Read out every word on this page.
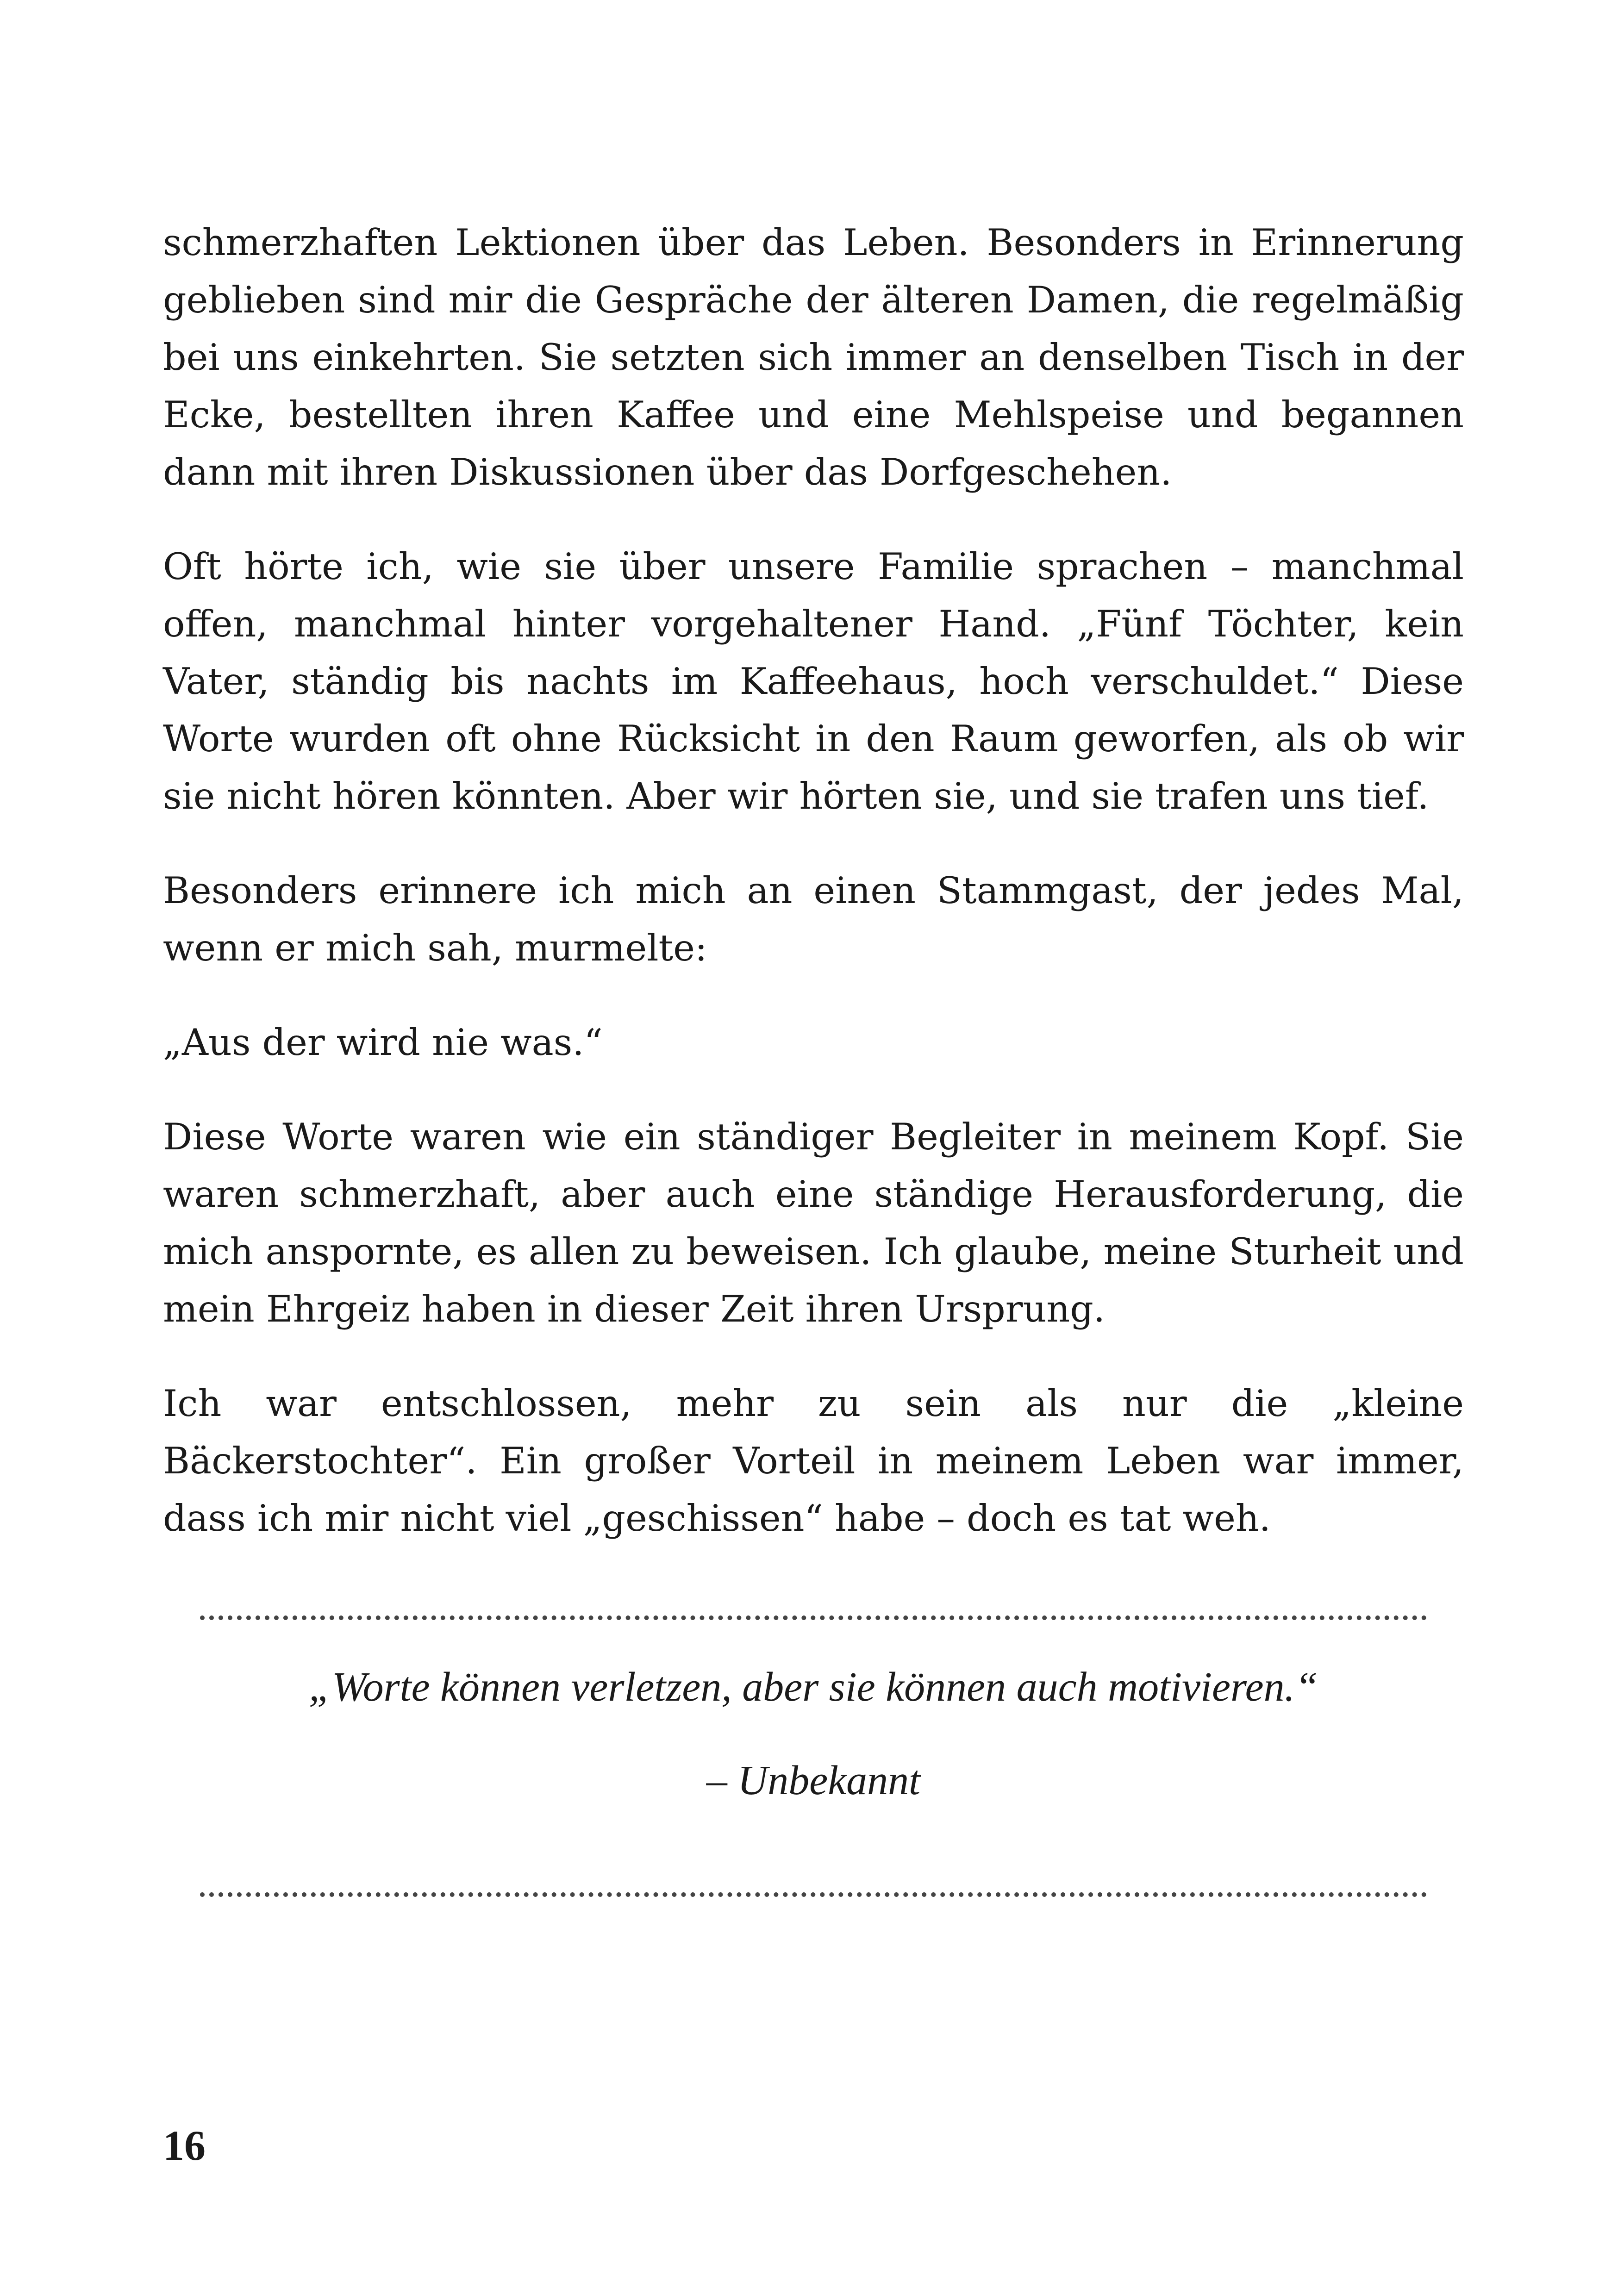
schmerzhaften Lektionen über das Leben. Besonders in Erinnerung geblieben sind mir die Gespräche der älteren Damen, die regelmäßig bei uns einkehrten. Sie setzten sich immer an denselben Tisch in der Ecke, bestellten ihren Kaffee und eine Mehlspeise und begannen dann mit ihren Diskussionen über das Dorfgeschehen.

Oft hörte ich, wie sie über unsere Familie sprachen – manchmal offen, manchmal hinter vorgehaltener Hand. „Fünf Töchter, kein Vater, ständig bis nachts im Kaffeehaus, hoch verschuldet.“ Diese Worte wurden oft ohne Rücksicht in den Raum geworfen, als ob wir sie nicht hören könnten. Aber wir hörten sie, und sie trafen uns tief.

Besonders erinnere ich mich an einen Stammgast, der jedes Mal, wenn er mich sah, murmelte:

„Aus der wird nie was.“

Diese Worte waren wie ein ständiger Begleiter in meinem Kopf. Sie waren schmerzhaft, aber auch eine ständige Herausforderung, die mich anspornte, es allen zu beweisen. Ich glaube, meine Sturheit und mein Ehrgeiz haben in dieser Zeit ihren Ursprung.

Ich war entschlossen, mehr zu sein als nur die „kleine Bäckerstochter“. Ein großer Vorteil in meinem Leben war immer, dass ich mir nicht viel „geschissen“ habe – doch es tat weh.

„Worte können verletzen, aber sie können auch motivieren.“
– Unbekannt
16
